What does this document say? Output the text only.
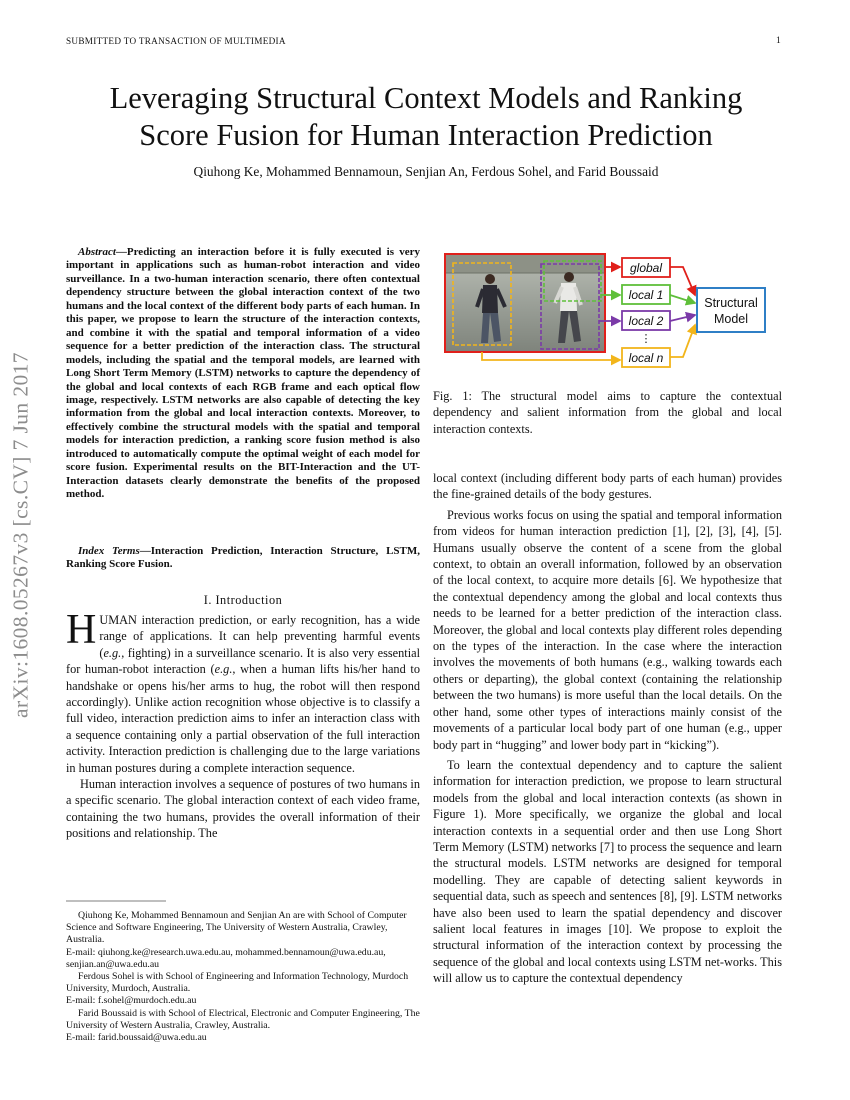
SUBMITTED TO TRANSACTION OF MULTIMEDIA	1
arXiv:1608.05267v3 [cs.CV] 7 Jun 2017
Leveraging Structural Context Models and Ranking
Score Fusion for Human Interaction Prediction
Qiuhong Ke, Mohammed Bennamoun, Senjian An, Ferdous Sohel, and Farid Boussaid
Abstract—Predicting an interaction before it is fully executed is very important in applications such as human-robot interaction and video surveillance. In a two-human interaction scenario, there often contextual dependency structure between the global interaction context of the two humans and the local context of the different body parts of each human. In this paper, we propose to learn the structure of the interaction contexts, and combine it with the spatial and temporal information of a video sequence for a better prediction of the interaction class. The structural models, including the spatial and the temporal models, are learned with Long Short Term Memory (LSTM) networks to capture the dependency of the global and local contexts of each RGB frame and each optical flow image, respectively. LSTM networks are also capable of detecting the key information from the global and local interaction contexts. Moreover, to effectively combine the structural models with the spatial and temporal models for interaction prediction, a ranking score fusion method is also introduced to automatically compute the optimal weight of each model for score fusion. Experimental results on the BIT-Interaction and the UT-Interaction datasets clearly demonstrate the benefits of the proposed method.
Index Terms—Interaction Prediction, Interaction Structure, LSTM, Ranking Score Fusion.
I. Introduction

HUMAN interaction prediction, or early recognition, has a wide range of applications. It can help preventing harmful events (e.g., fighting) in a surveillance scenario. It is also very essential for human-robot interaction (e.g., when a human lifts his/her hand to handshake or opens his/her arms to hug, the robot will then respond accordingly). Unlike action recognition whose objective is to classify a full video, interaction prediction aims to infer an interaction class with a sequence containing only a partial observation of the full interaction activity. Interaction prediction is challenging due to the large variations in human postures during a complete interaction sequence.

Human interaction involves a sequence of postures of two humans in a specific scenario. The global interaction context of each video frame, containing the two humans, provides the overall information of their positions and relationship. The

Qiuhong Ke, Mohammed Bennamoun and Senjian An are with School of Computer Science and Software Engineering, The University of Western Australia, Crawley, Australia.

E-mail: qiuhong.ke@research.uwa.edu.au, mohammed.bennamoun@uwa.edu.au, senjian.an@uwa.edu.au

Ferdous Sohel is with School of Engineering and Information Technology, Murdoch University, Murdoch, Australia.

E-mail: f.sohel@murdoch.edu.au

Farid Boussaid is with School of Electrical, Electronic and Computer Engineering, The University of Western Australia, Crawley, Australia.

E-mail: farid.boussaid@uwa.edu.au

global
local 1
local 2
⋮
local n
Structural
Model
Fig. 1: The structural model aims to capture the contextual dependency and salient information from the global and local interaction contexts.

local context (including different body parts of each human) provides the fine-grained details of the body gestures.

Previous works focus on using the spatial and temporal information from videos for human interaction prediction [1], [2], [3], [4], [5]. Humans usually observe the content of a scene from the global context, to obtain an overall information, followed by an observation of the local context, to acquire more details [6]. We hypothesize that the contextual dependency among the global and local contexts thus needs to be learned for a better prediction of the interaction class. Moreover, the global and local contexts play different roles depending on the types of the interaction. In the case where the interaction involves the movements of both humans (e.g., walking towards each others or departing), the global context (containing the relationship between the two humans) is more useful than the local details. On the other hand, some other types of interactions mainly consist of the movements of a particular local body part of one human (e.g., upper body part in “hugging” and lower body part in “kicking”).

To learn the contextual dependency and to capture the salient information for interaction prediction, we propose to learn structural models from the global and local interaction contexts (as shown in Figure 1). More specifically, we organize the global and local interaction contexts in a sequential order and then use Long Short Term Memory (LSTM) networks [7] to process the sequence and learn the structural models. LSTM networks are designed for temporal modelling. They are capable of detecting salient keywords in sequential data, such as speech and sentences [8], [9]. LSTM networks have also been used to learn the spatial dependency and discover salient local features in images [10]. We propose to exploit the structural information of the interaction context by processing the sequence of the global and local contexts using LSTM net-works. This will allow us to capture the contextual dependency
